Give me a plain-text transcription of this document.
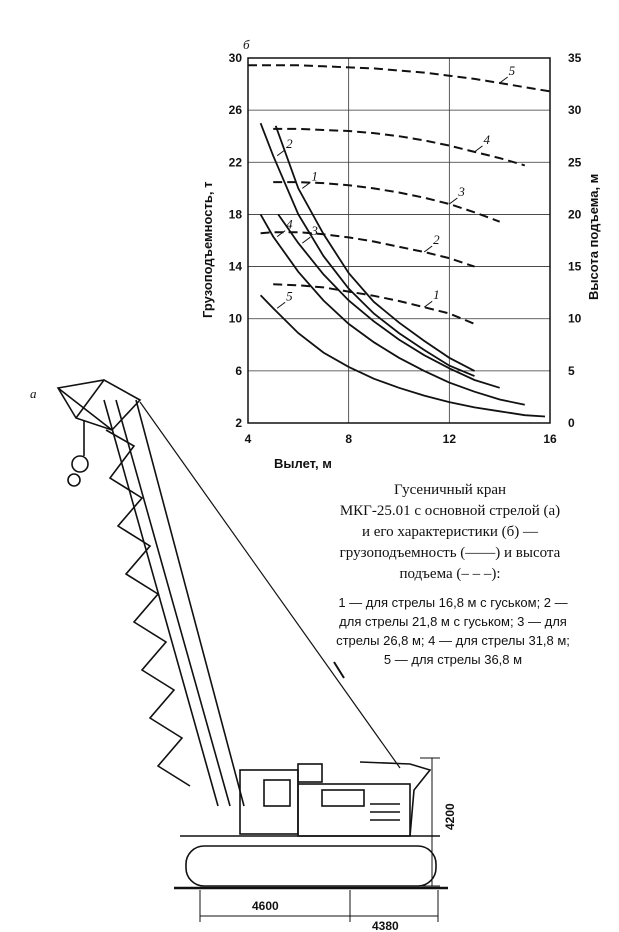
б
4	8	12	16
2
6
10
14
18
22
26
30
0
5
10
15
20
25
30
35
1
2
3
4
5	1
2
3
4
5
Вылет, м
Грузоподъемность, т	Высота подъема, м
Гусеничный кран
МКГ-25.01 с основной стрелой (а)
и его характеристики (б) —
грузоподъемность (——) и высота
подъема (– – –):
1 — для стрелы 16,8 м с гуськом; 2 —
для стрелы 21,8 м с гуськом; 3 — для
стрелы 26,8 м; 4 — для стрелы 31,8 м;
5 — для стрелы 36,8 м
а
4200
4600
4380
